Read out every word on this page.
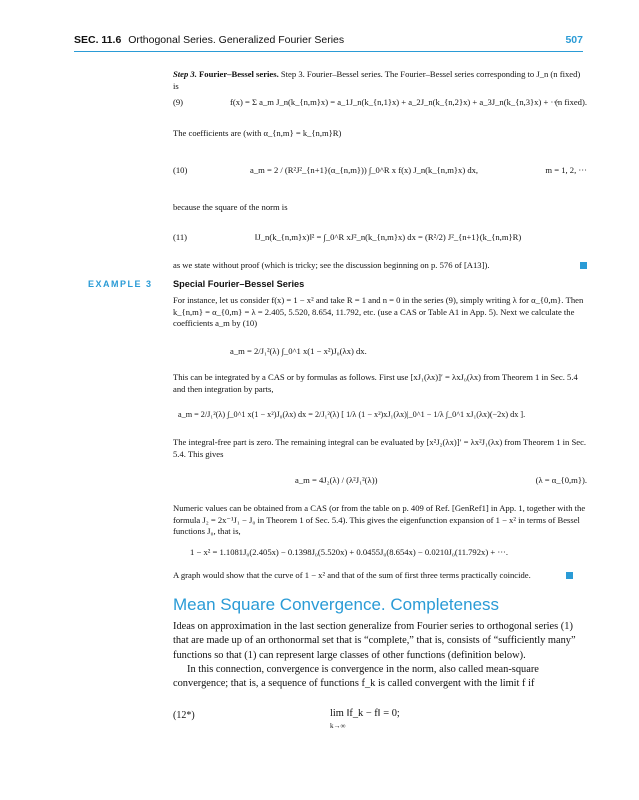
SEC. 11.6 Orthogonal Series. Generalized Fourier Series	507
Step 3. Fourier–Bessel series. Step 3. Fourier–Bessel series. The Fourier–Bessel series corresponding to J_n (n fixed) is
(9)	f(x) = Σ a_m J_n(k_{n,m}x) = a_1J_n(k_{n,1}x) + a_2J_n(k_{n,2}x) + a_3J_n(k_{n,3}x) + ···
(n fixed).
The coefficients are (with α_{n,m} = k_{n,m}R)
(10)	a_m = 2 / (R²J²_{n+1}(α_{n,m})) ∫_0^R x f(x) J_n(k_{n,m}x) dx,	m = 1, 2, ···
because the square of the norm is
(11)	‖J_n(k_{n,m}x)‖² = ∫_0^R xJ²_n(k_{n,m}x) dx = (R²/2) J²_{n+1}(k_{n,m}R)
as we state without proof (which is tricky; see the discussion beginning on p. 576 of [A13]).
EXAMPLE 3 Special Fourier–Bessel Series
For instance, let us consider f(x) = 1 − x² and take R = 1 and n = 0 in the series (9), simply writing λ for α_{0,m}. Then k_{n,m} = α_{0,m} = λ = 2.405, 5.520, 8.654, 11.792, etc. (use a CAS or Table A1 in App. 5). Next we calculate the coefficients a_m by (10)
a_m = 2/J₁²(λ) ∫_0^1 x(1 − x²)J₀(λx) dx.
This can be integrated by a CAS or by formulas as follows. First use [xJ₁(λx)]′ = λxJ₀(λx) from Theorem 1 in Sec. 5.4 and then integration by parts,
a_m = 2/J₁²(λ) ∫_0^1 x(1 − x²)J₀(λx) dx = 2/J₁²(λ) [ 1/λ (1 − x²)xJ₁(λx)|_0^1 − 1/λ ∫_0^1 xJ₁(λx)(−2x) dx ].
The integral-free part is zero. The remaining integral can be evaluated by [x²J₂(λx)]′ = λx²J₁(λx) from Theorem 1 in Sec. 5.4. This gives
a_m = 4J₂(λ) / (λ²J₁²(λ))	(λ = α_{0,m}).
Numeric values can be obtained from a CAS (or from the table on p. 409 of Ref. [GenRef1] in App. 1, together with the formula J₂ = 2x⁻¹J₁ − J₀ in Theorem 1 of Sec. 5.4). This gives the eigenfunction expansion of 1 − x² in terms of Bessel functions J₀, that is,
1 − x² = 1.1081J₀(2.405x) − 0.1398J₀(5.520x) + 0.0455J₀(8.654x) − 0.0210J₀(11.792x) + ···.
A graph would show that the curve of 1 − x² and that of the sum of first three terms practically coincide.
Mean Square Convergence. Completeness
Ideas on approximation in the last section generalize from Fourier series to orthogonal series (1) that are made up of an orthonormal set that is “complete,” that is, consists of “sufficiently many” functions so that (1) can represent large classes of other functions (definition below).
In this connection, convergence is convergence in the norm, also called mean-square convergence; that is, a sequence of functions f_k is called convergent with the limit f if
(12*)	lim ‖f_k − f‖ = 0;
k→∞
